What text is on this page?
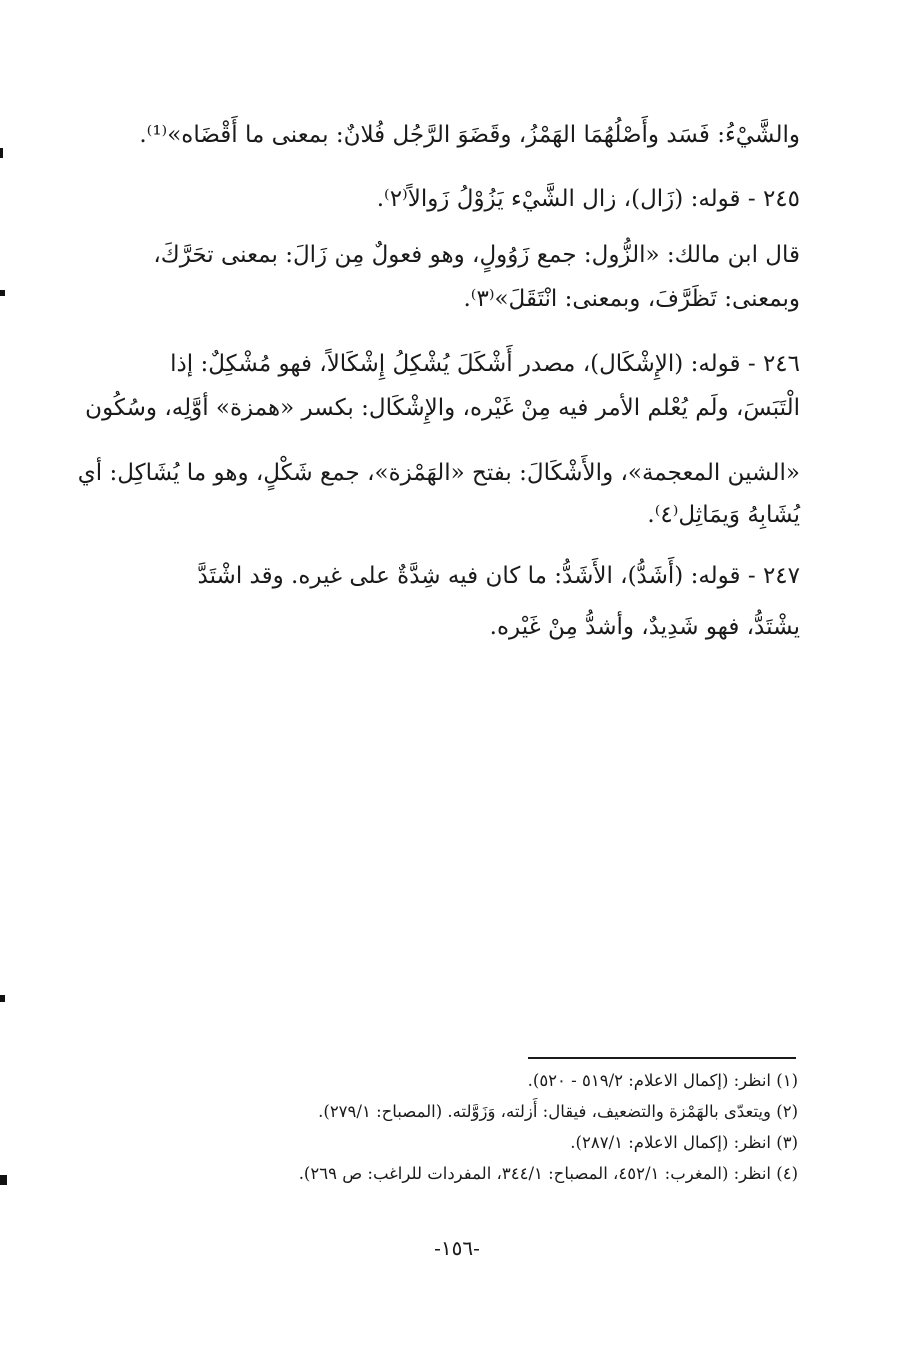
والشَّيْءُ: فَسَد وأَصْلُهُمَا الهَمْزُ، وقَضَوَ الرَّجُل فُلانٌ: بمعنى ما أَقْضَاه»⁽¹⁾.
٢٤٥ - قوله: (زَال)، زال الشَّيْء يَزُوْلُ زَوالاً⁽٢⁾.
قال ابن مالك: «الزُّول: جمع زَوُولٍ، وهو فعولٌ مِن زَالَ: بمعنى تحَرَّكَ،
وبمعنى: تَظَرَّفَ، وبمعنى: انْتَقَلَ»⁽٣⁾.
٢٤٦ - قوله: (الإِشْكَال)، مصدر أَشْكَلَ يُشْكِلُ إِشْكَالاً، فهو مُشْكِلٌ: إذا
الْتَبَسَ، ولَم يُعْلم الأمر فيه مِنْ غَيْره، والإِشْكَال: بكسر «همزة» أوَّلِه، وسُكُون
«الشين المعجمة»، والأَشْكَالَ: بفتح «الهَمْزة»، جمع شَكْلٍ، وهو ما يُشَاكِل: أي
يُشَابِهُ وَيمَاثِل⁽٤⁾.
٢٤٧ - قوله: (أَشَدُّ)، الأَشَدُّ: ما كان فيه شِدَّةٌ على غيره. وقد اشْتَدَّ
يشْتَدُّ، فهو شَدِيدٌ، وأشدُّ مِنْ غَيْره.
(١) انظر: (إكمال الاعلام: ٥١٩/٢ - ٥٢٠).
(٢) ويتعدّى بالهَمْزة والتضعيف، فيقال: أَزلته، وَزَوَّلته. (المصباح: ٢٧٩/١).
(٣) انظر: (إكمال الاعلام: ٢٨٧/١).
(٤) انظر: (المغرب: ٤٥٢/١، المصباح: ٣٤٤/١، المفردات للراغب: ص ٢٦٩).
-١٥٦-
